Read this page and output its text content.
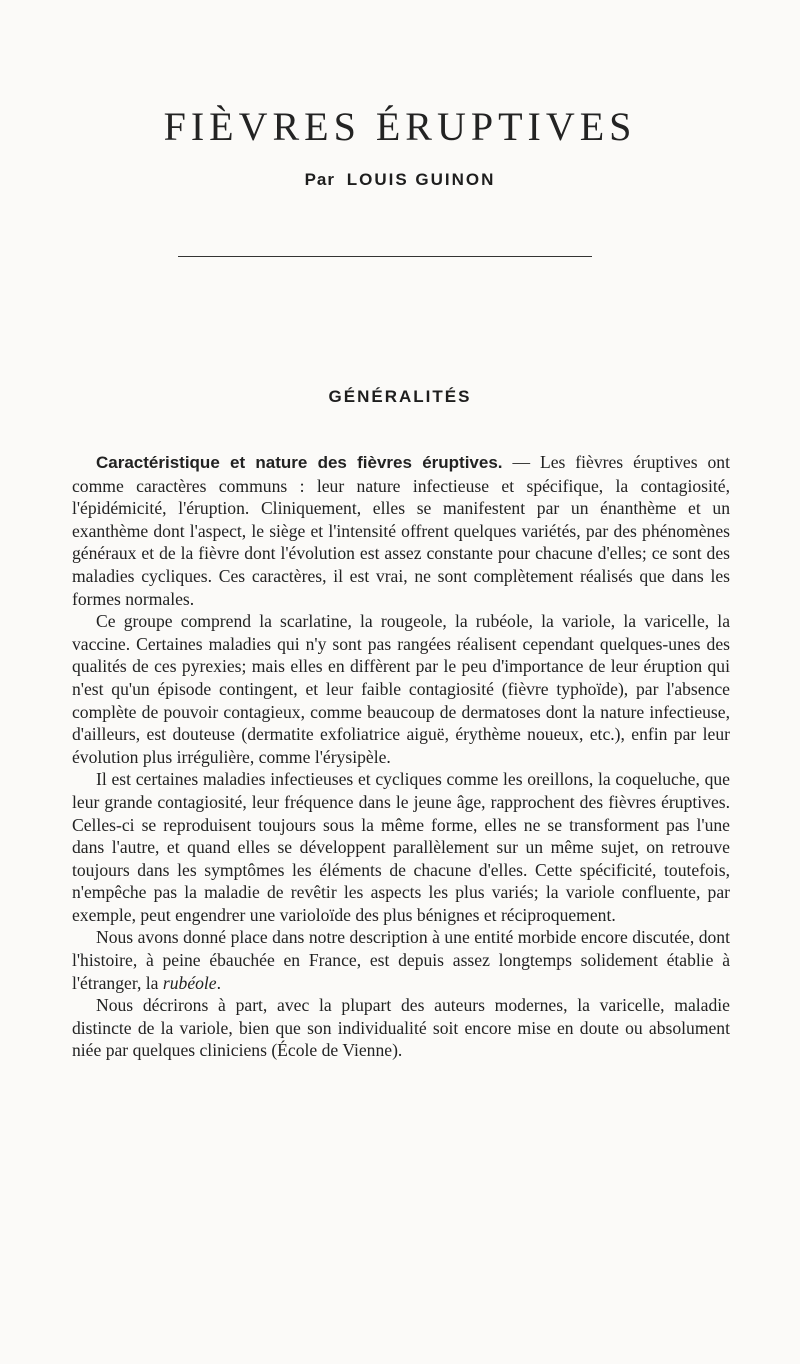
FIÈVRES ÉRUPTIVES
Par LOUIS GUINON
GÉNÉRALITÉS

Caractéristique et nature des fièvres éruptives. — Les fièvres éruptives ont comme caractères communs : leur nature infectieuse et spécifique, la contagiosité, l'épidémicité, l'éruption. Cliniquement, elles se manifestent par un énanthème et un exanthème dont l'aspect, le siège et l'intensité offrent quelques variétés, par des phénomènes généraux et de la fièvre dont l'évolution est assez constante pour chacune d'elles; ce sont des maladies cycliques. Ces caractères, il est vrai, ne sont complètement réalisés que dans les formes normales.

Ce groupe comprend la scarlatine, la rougeole, la rubéole, la variole, la varicelle, la vaccine. Certaines maladies qui n'y sont pas rangées réalisent cependant quelques-unes des qualités de ces pyrexies; mais elles en diffèrent par le peu d'importance de leur éruption qui n'est qu'un épisode contingent, et leur faible contagiosité (fièvre typhoïde), par l'absence complète de pouvoir contagieux, comme beaucoup de dermatoses dont la nature infectieuse, d'ailleurs, est douteuse (dermatite exfoliatrice aiguë, érythème noueux, etc.), enfin par leur évolution plus irrégulière, comme l'érysipèle.

Il est certaines maladies infectieuses et cycliques comme les oreillons, la coqueluche, que leur grande contagiosité, leur fréquence dans le jeune âge, rapprochent des fièvres éruptives. Celles-ci se reproduisent toujours sous la même forme, elles ne se transforment pas l'une dans l'autre, et quand elles se développent parallèlement sur un même sujet, on retrouve toujours dans les symptômes les éléments de chacune d'elles. Cette spécificité, toutefois, n'empêche pas la maladie de revêtir les aspects les plus variés; la variole confluente, par exemple, peut engendrer une varioloïde des plus bénignes et réciproquement.

Nous avons donné place dans notre description à une entité morbide encore discutée, dont l'histoire, à peine ébauchée en France, est depuis assez longtemps solidement établie à l'étranger, la rubéole.

Nous décrirons à part, avec la plupart des auteurs modernes, la varicelle, maladie distincte de la variole, bien que son individualité soit encore mise en doute ou absolument niée par quelques cliniciens (École de Vienne).
